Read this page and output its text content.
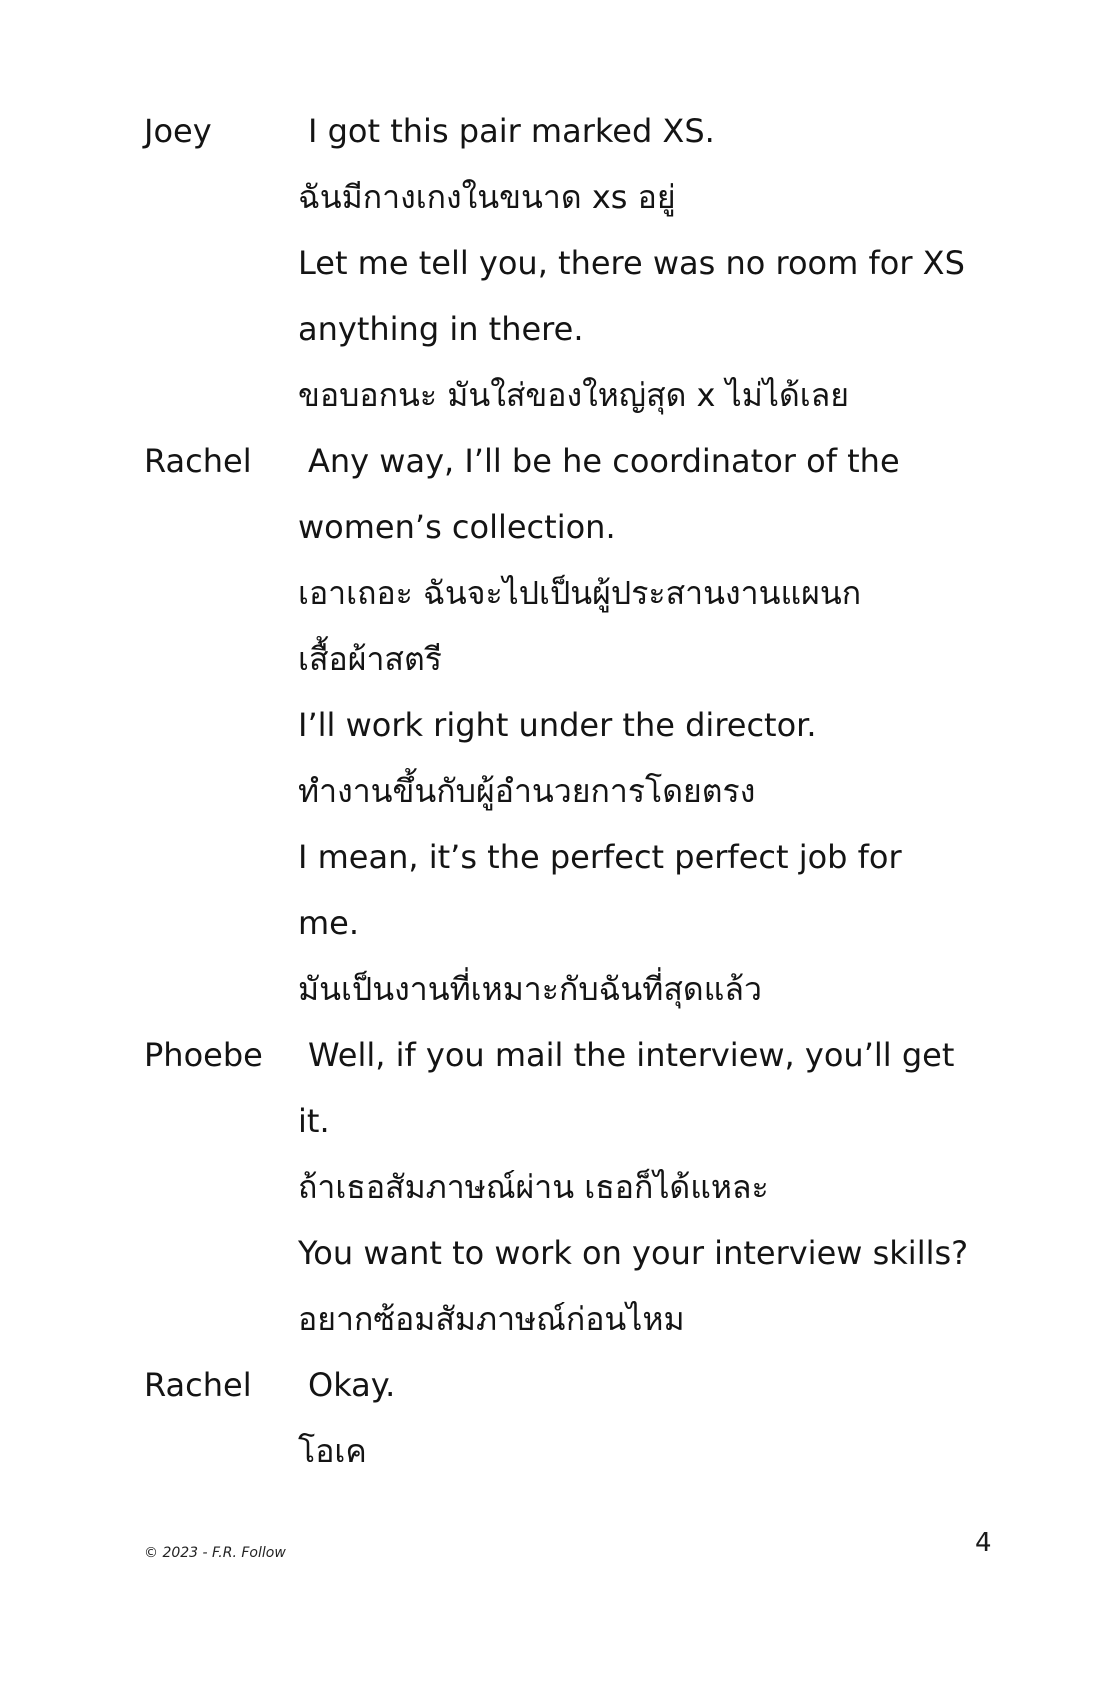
Joey	I got this pair marked XS.
ฉันมีกางเกงในขนาด xs อยู่
Let me tell you, there was no room for XS
anything in there.
ขอบอกนะ มันใส่ของใหญ่สุด x ไม่ได้เลย
Rachel	Any way, I’ll be he coordinator of the
women’s collection.
เอาเถอะ ฉันจะไปเป็นผู้ประสานงานแผนก
เสื้อผ้าสตรี
I’ll work right under the director.
ทำงานขึ้นกับผู้อำนวยการโดยตรง
I mean, it’s the perfect perfect job for
me.
มันเป็นงานที่เหมาะกับฉันที่สุดแล้ว
Phoebe	Well, if you mail the interview, you’ll get
it.
ถ้าเธอสัมภาษณ์ผ่าน เธอก็ได้แหละ
You want to work on your interview skills?
อยากซ้อมสัมภาษณ์ก่อนไหม
Rachel	Okay.
โอเค
© 2023 - F.R. Follow	4
